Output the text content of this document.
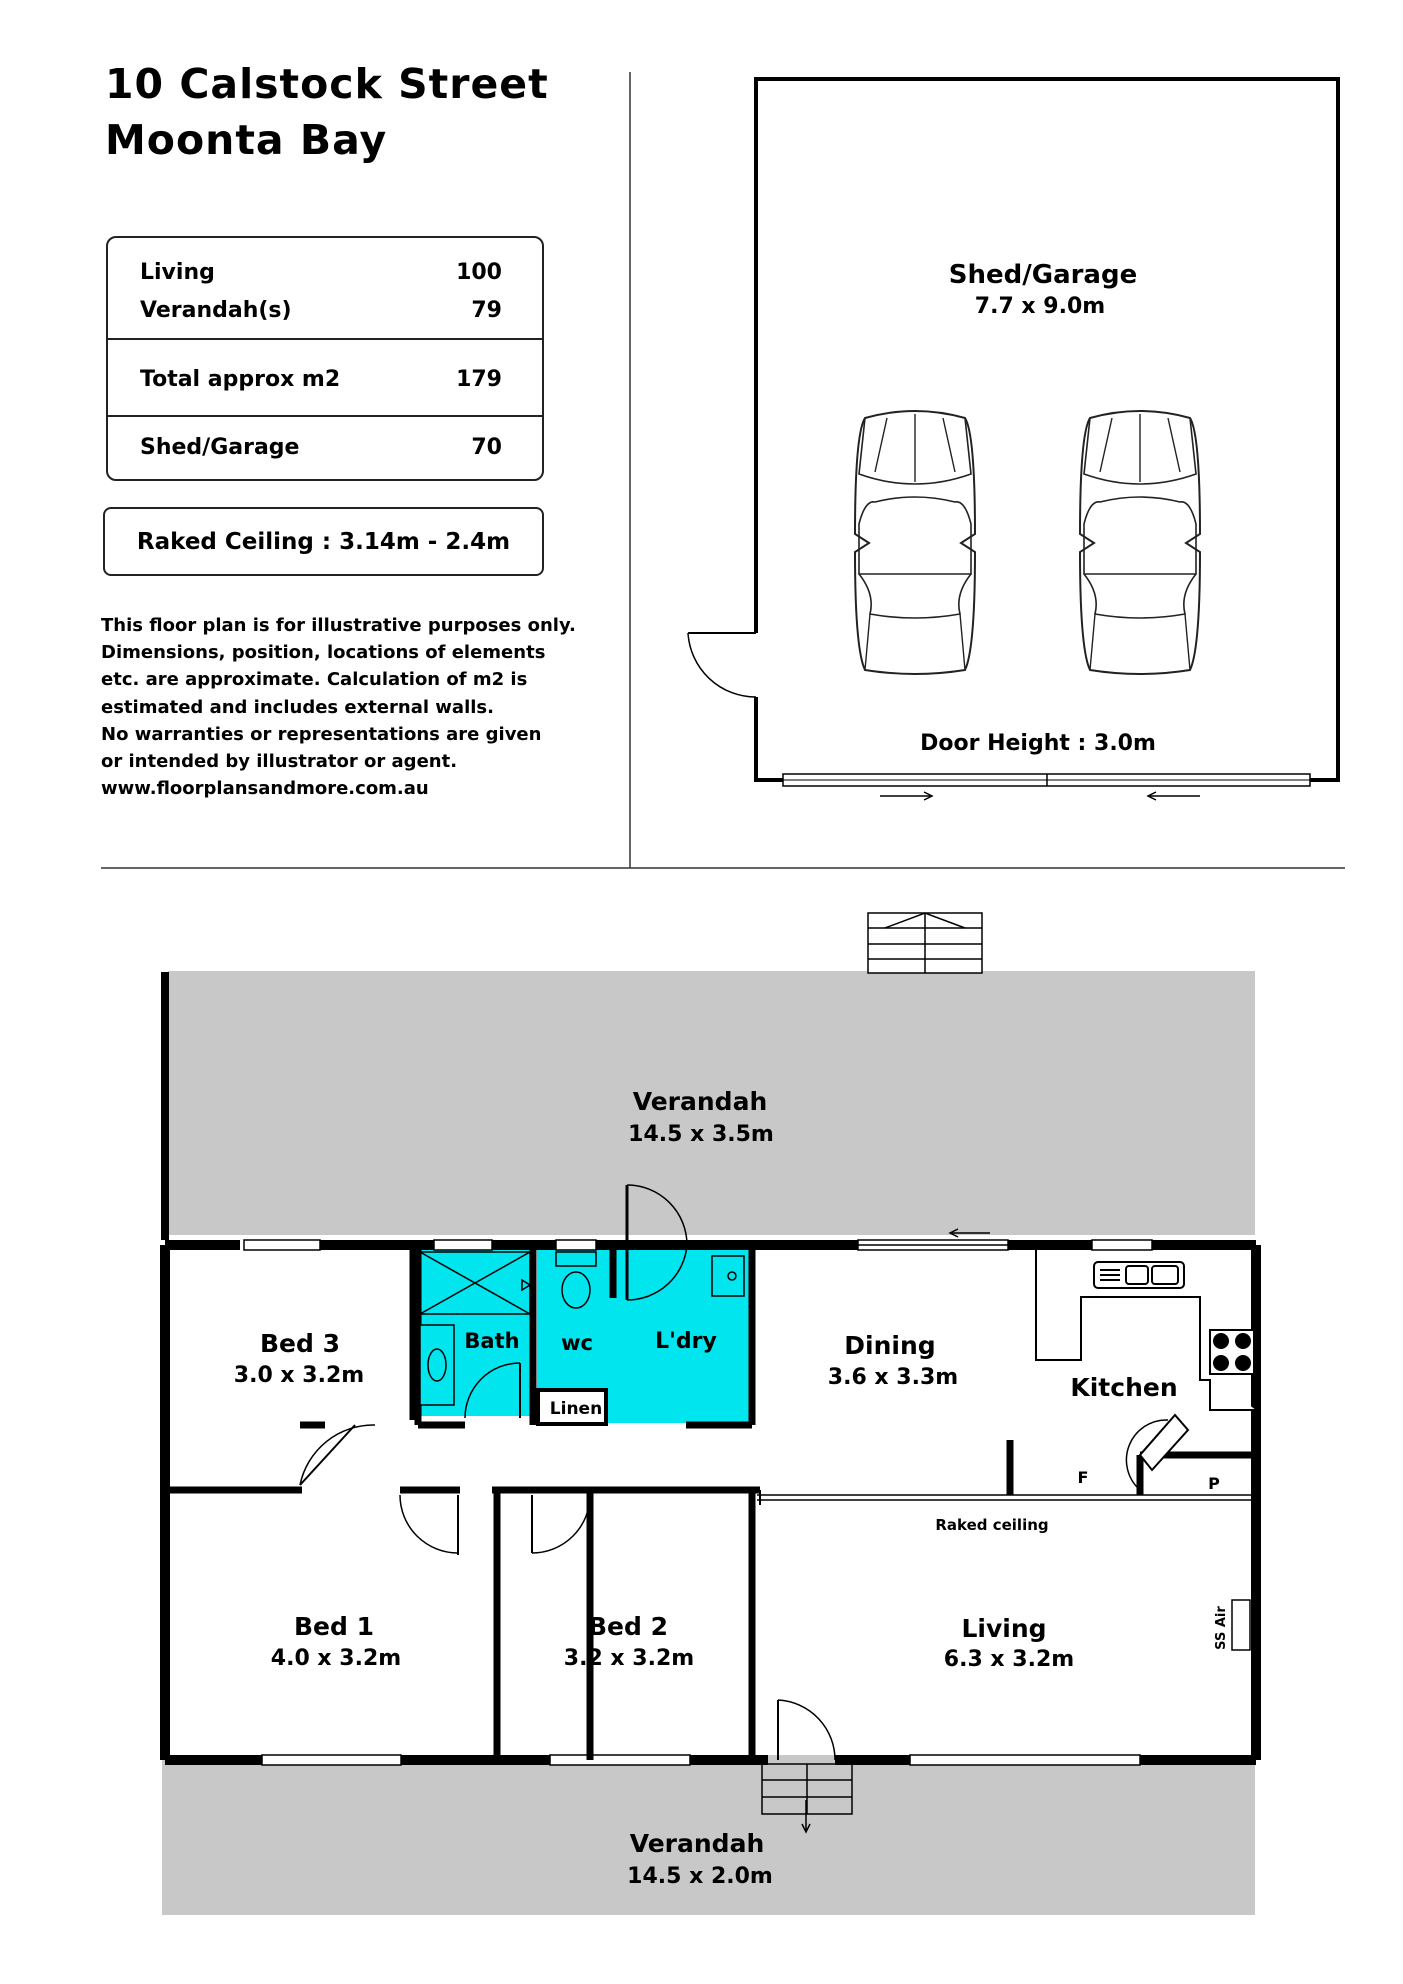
10 Calstock Street
Moonta Bay
Living	100
Verandah(s)	79
Total approx m2	179
Shed/Garage	70
Raked Ceiling : 3.14m - 2.4m
This floor plan is for illustrative purposes only.
Dimensions, position, locations of elements
etc. are approximate. Calculation of m2 is
estimated and includes external walls.
No warranties or representations are given
or intended by illustrator or agent.
www.floorplansandmore.com.au
Shed/Garage
7.7 x 9.0m
Door Height : 3.0m
Verandah
14.5 x 3.5m
Bed 3
3.0 x 3.2m
Bath wc	L'dry
Linen
Dining
3.6 x 3.3m	Kitchen
F	P
Raked ceiling
Bed 1
4.0 x 3.2m
Bed 2
3.2 x 3.2m
Living
6.3 x 3.2m
SS Air
Verandah
14.5 x 2.0m
